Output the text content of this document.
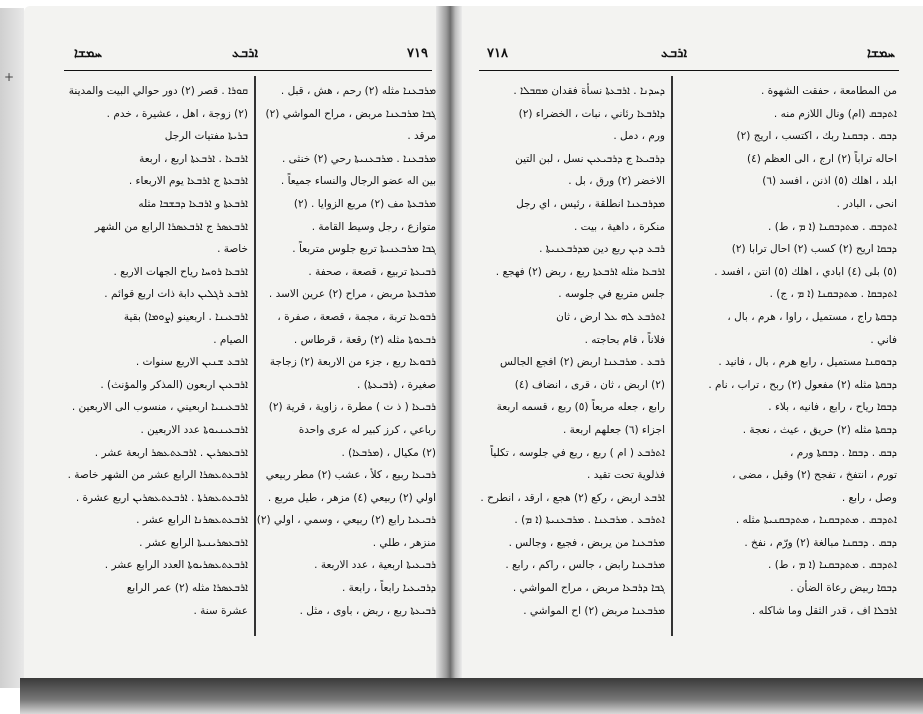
+
ܚܡܫܐ	ܐܪܒܥ	٧١٩
ܩܘܪܐ . قصر (٢) دور حوالي البيت والمدينة
(٢) زوجة ، اهل ، عشيرة ، خدم .
ܒܪܝܬܐ مفتيات الرجل
ܐܪܒܥܐ . ܐܪܒܥܬܐ اربع ، اربعة
ܐܪܒܥܬܐ ج ܐܪܒܥܐ يوم الاربعاء .
ܐܪܒܥܬܐ و ܐܪܒܥܐ ܕܒܫܒܐ مثله
ܐܪܒܥܣܪ ج ܐܪܒܥܣܪܐ الرابع من الشهر
خاصة .
ܐܪܒܥܐ ܪܘܚܐ رياح الجهات الاربع .
ܐܪܒܥ ܪܓܠܝܢ دابة ذات اربع قوائم .
ܐܪܒܥܝܢܐ . اربعينو (ܨܘܡܐ) بقية
الصيام .
ܐܪܒܥ ܫܢܝܢ الاربع سنوات .
ܐܪܒܥܝܢ اربعون (المذكر والمؤنث) .
ܐܪܒܥܝܢܝܐ اربعيني ، منسوب الى الاربعين .
ܐܪܒܥܝܢܝܘܬܐ عدد الاربعين .
ܐܪܒܥܣܪܝܢ . ܐܪܒܥܬܥܣܪ اربعة عشر .
ܐܪܒܥܬܥܣܪܐ الرابع عشر من الشهر خاصة .
ܐܪܒܥܬܥܣܪܬܐ . ܐܪܒܥܬܥܣܪܝܢ اربع عشرة .
ܐܪܒܥܬܥܣܪܢܐ الرابع عشر .
ܐܪܒܥܣܪܝܢܝܬܐ الرابع عشر .
ܐܪܒܥܬܥܣܪܝܘܬܐ العدد الرابع عشر .
ܐܪܒܥܣܪܐ مثله (٢) عمر الرابع
عشرة سنة .
ܡܪܒܥܢܐ مثله (٢) رحم ، هش ، قبل .
ܓܒܐ ܡܪܒܥܢܐ مربض ، مراح المواشي (٢)
مرقد .
ܡܪܒܥܢܐ . ܡܪܒܥܢܝܬܐ رحي (٢) خنثى .
بين اله عضو الرجال والنساء جميعاً .
ܡܪܒܥܬܐ مف (٢) مربع الزوايا . (٢)
متوازع ، رجل وسيط القامة .
ܓܒܐ ܡܪܒܥܢܝܬܐ تربع جلوس متربعاً .
ܪܒܝܥܬܐ تربيع ، قصعة ، صحفة .
ܡܪܒܥܬܐ مربض ، مراح (٢) عرين الاسد .
ܪܒܘܥܐ تربة ، مجمة ، قصعة ، صفرة ،
ܪܒܥܘܬܐ مثله (٢) رقعة ، قرطاس .
ܪܒܘܥܐ ربع ، جزء من الاربعة (٢) زجاجة
صغيرة ، (ܪܒܝܥܬܐ) .
ܪܒܝܥܐ ( ذ ت ) مطرة ، زاوية ، قرية (٢)
رباعي ، كرز كبير له عرى واحدة
(٢) مكيال ، (ܡܪܒܥܐ) .
ܪܒܝܥܐ ربيع ، كلأ ، عشب (٢) مطر ربيعي
اولي (٢) ربيعي (٤) مزهر ، طيل مربع .
ܪܒܝܥܝܐ رابع (٢) ربيعي ، وسمي ، اولي (٢)
منزهر ، طلي .
ܪܒܝܥܝܬܐ اربعية ، عدد الاربعة .
ܕܪܒܝܥܝܐ رابعاً ، رابعة .
ܪܒܝܥܬܐ ربع ، ربض ، باوى ، مثل .
٧١٨	ܐܪܒܥ	ܚܡܫܐ
ܕܚܕܢܐ . ܐܪܒܥܬܐ نسأة فقدان ܡܩܒܠܐ .
ܕܐܪܒܥܐ رئاني ، نبات ، الخضراء (٢)
ورم ، دمل .
ܕܪܒܝܥܐ ج ܕܪܒܝܥܝܢ نسل ، لبن التين
الاخضر (٢) ورق ، بل .
ܡܕܪܒܥܢܐ انطلقة ، رئيس ، اي رجل
منكرة ، داهية ، بيت .
ܪܒܥ ܕܝܢ ربع دين ܡܕܪܒܥܢܝܬܐ .
ܐܪܒܥܐ مثله ܐܪܒܥܬܐ ربع ، ربض (٢) فهجع .
جلس متربع في جلوسه .
ܐܬܪܒܥ ܠܗ ܥܠ ارض ، ثان
فلاناً ، قام بحاجته .
ܪܒܥ . ܡܪܒܥܢܐ اربض (٢) افجع الجالس
(٢) اربض ، ثان ، قرى ، انضاف (٤)
رابع ، جعله مربعاً (٥) ربع ، قسمه اربعة
اجزاء (٦) جعلهم اربعة .
ܐܬܪܒܥ ( ام ) ربع ، ربع في جلوسه ، تكلياً
فذلوية تحت تقيد .
ܐܪܒܥ اربض ، ركع (٢) هجع ، ارقد ، انطرح .
ܐܬܪܒܥ . ܡܪܒܥܢܐ . ܡܪܒܥܢܝܬܐ (ܐ ܡ) .
ܡܪܒܥܢܐ من يربض ، فجيع ، وجالس .
ܡܪܒܥܢܐ رابض ، جالس ، راكم ، رابع .
ܓܒܐ ܕܪܒܥܐ مربض ، مراح المواشي .
ܡܪܒܥܢܐ مربض (٢) اح المواشي .
من المطامعة ، حفقت الشهوة .
ܐܬܕܒܩ (ام) ونال اللازم منه .
ܕܒܩ . ܕܒܩܢܐ ربك ، اكتسب ، اريج (٢)
احاله تراباً (٢) ارج ، الى العظم (٤)
ابلد ، اهلك (٥) اذنن ، افسد (٦)
انحى ، البادر .
ܐܬܕܒܩ . ܡܬܕܒܩܢܐ (ܐ ܡ ، ط) .
ܕܒܩܐ اريح (٢) كسب (٢) احال ترابا (٢)
(٥) بلى (٤) ابادي ، اهلك (٥) انتن ، افسد .
ܐܬܕܒܩܐ . ܡܬܕܒܩܢܐ (ܐ ܡ ، ج) .
ܕܒܩܬܐ راج ، مستميل ، راوا ، هرم ، بال ،
فاني .
ܕܒܘܩܢܐ مستميل ، رابع هرم ، بال ، فانيد .
ܕܒܩܬܐ مثله (٢) مفعول (٢) ربح ، تراب ، نام .
ܕܒܩܐ رياح ، رابع ، فانيه ، بلاء .
ܕܒܩܬܐ مثله (٢) حريق ، عيث ، نعجة .
ܕܒܩ . ܕܒܩܐ . ܕܒܩܬܐ ورم ،
تورم ، انتفخ ، تفجح (٢) وقبل ، مضى ،
وصل ، رابع .
ܐܬܕܒܩ . ܡܬܕܒܩܢܐ ، ܡܬܕܒܩܢܝܬܐ مثله .
ܕܒܩ . ܕܒܩܢܐ مبالغة (٢) ورّم ، نفخ .
ܐܬܕܒܩ . ܡܬܕܒܩܢܐ (ܐ ܡ ، ط) .
ܕܒܩܐ ربيض رعاة الضأن .
ܐܪܒܠܐ اف ، قدر الثقل وما شاكله .
